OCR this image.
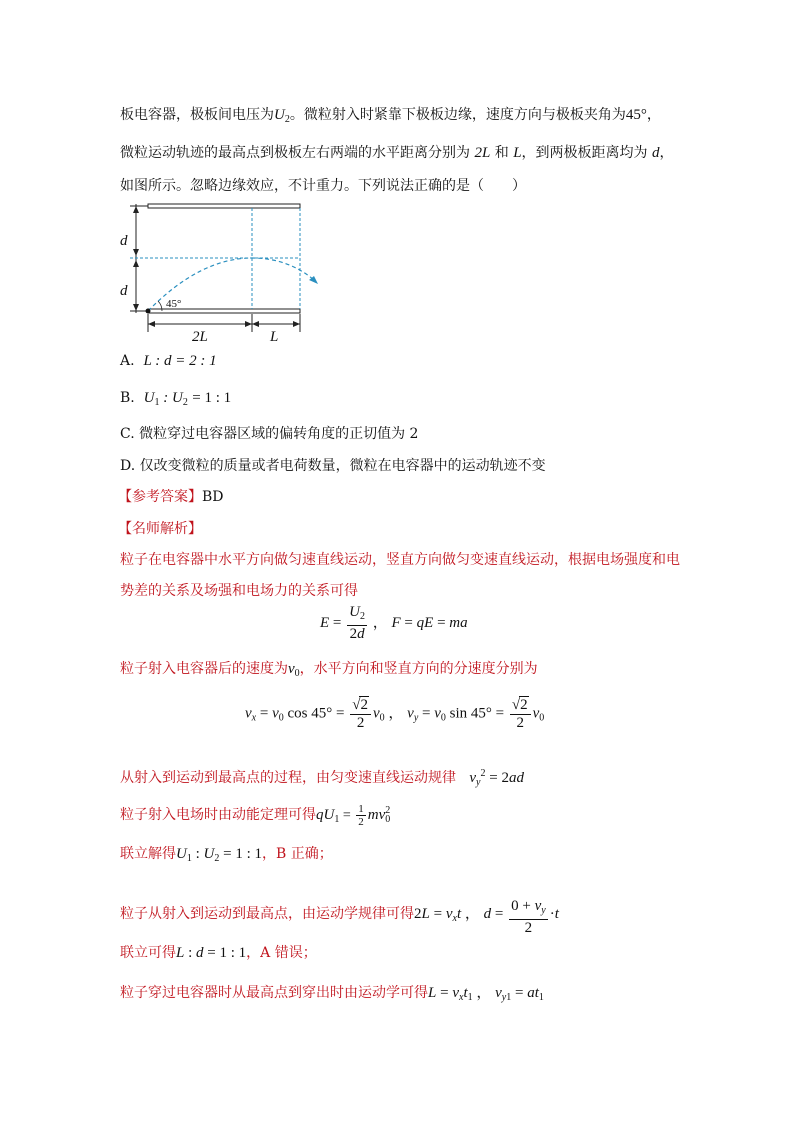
板电容器，极板间电压为$U_2$。微粒射入时紧靠下极板边缘，速度方向与极板夹角为45°，
微粒运动轨迹的最高点到极板左右两端的水平距离分别为 2L 和 L，到两极板距离均为 d，
如图所示。忽略边缘效应，不计重力。下列说法正确的是（　　）
d
d
45°
2L	L
A. L : d = 2 : 1
B. $U_1$ : $U_2 = 1$ : 1
C. 微粒穿过电容器区域的偏转角度的正切值为 2
D. 仅改变微粒的质量或者电荷数量，微粒在电容器中的运动轨迹不变
【参考答案】BD
【名师解析】
粒子在电容器中水平方向做匀速直线运动，竖直方向做匀变速直线运动，根据电场强度和电
势差的关系及场强和电场力的关系可得
$E = \frac{U_2}{2d}$ ， F = qE = ma
粒子射入电容器后的速度为$v_0$，水平方向和竖直方向的分速度分别为
$v_x = v_0$ $\cos 45^\circ = \frac{√2}{2} v_0$ ， $v_y = v_0$ $\sin 45^\circ = \frac{√2}{2} v_0$
从射入到运动到最高点的过程，由匀变速直线运动规律 $v_y^2 = 2ad$
粒子射入电场时由动能定理可得$qU_1 = \frac{1}{2} mv_0^2$
联立解得$U_1$ : $U_2 = 1$ : 1，B 正确；
粒子从射入到运动到最高点，由运动学规律可得$2L = v_xt$ ， $d = \frac{0 + v_y}{2} \cdot t$
联立可得L : d = 1 : 1，A 错误；
粒子穿过电容器时从最高点到穿出时由运动学可得$L = v_xt_1$ ， $v_{y1} = at_1$
